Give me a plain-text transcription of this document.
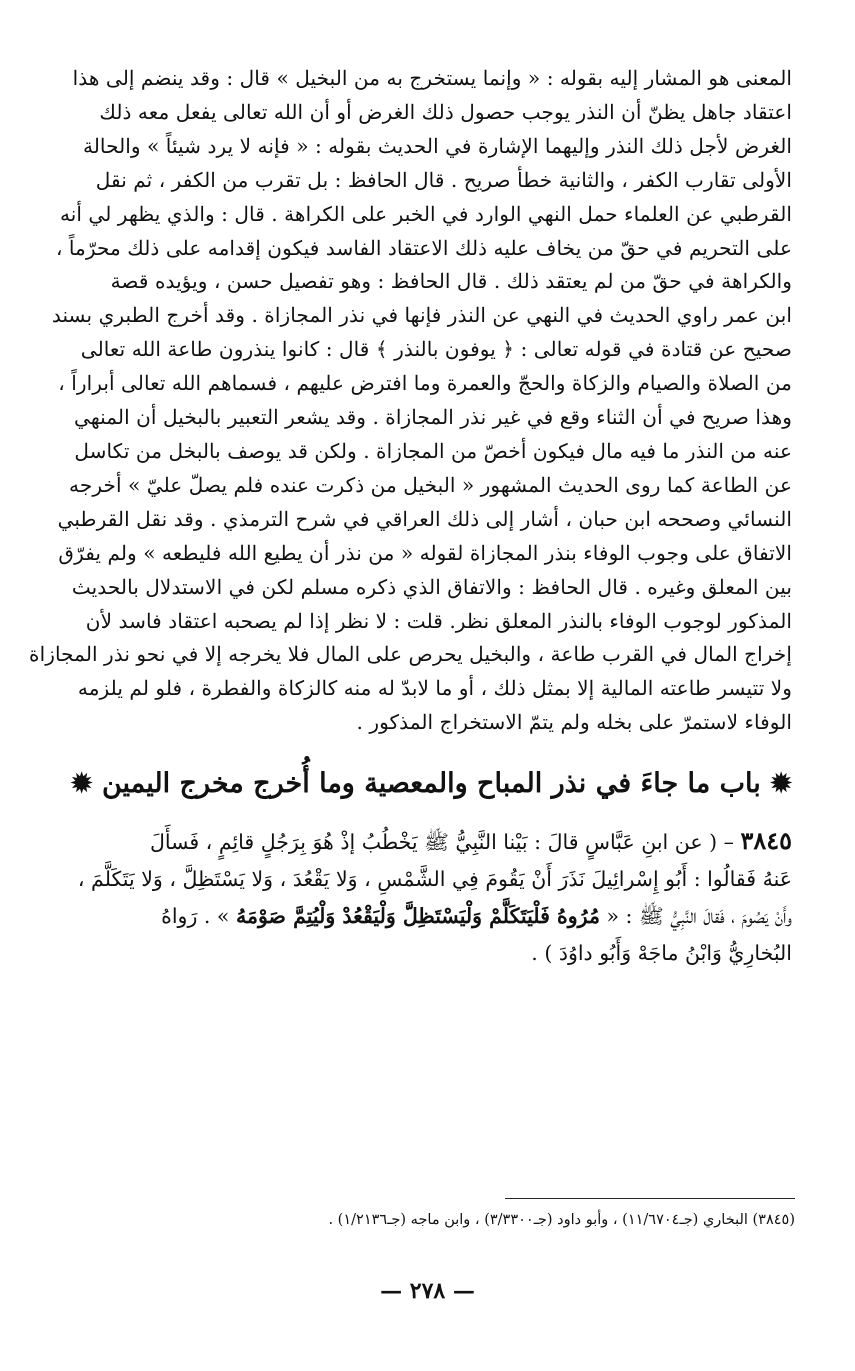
المعنى هو المشار إليه بقوله : « وإنما يستخرج به من البخيل » قال : وقد ينضم إلى هذا

اعتقاد جاهل يظنّ أن النذر يوجب حصول ذلك الغرض أو أن الله تعالى يفعل معه ذلك

الغرض لأجل ذلك النذر وإليهما الإشارة في الحديث بقوله : « فإنه لا يرد شيئاً » والحالة

الأولى تقارب الكفر ، والثانية خطأ صريح . قال الحافظ : بل تقرب من الكفر ، ثم نقل

القرطبي عن العلماء حمل النهي الوارد في الخبر على الكراهة . قال : والذي يظهر لي أنه

على التحريم في حقّ من يخاف عليه ذلك الاعتقاد الفاسد فيكون إقدامه على ذلك محرّماً ،

والكراهة في حقّ من لم يعتقد ذلك . قال الحافظ : وهو تفصيل حسن ، ويؤيده قصة

ابن عمر راوي الحديث في النهي عن النذر فإنها في نذر المجازاة . وقد أخرج الطبري بسند

صحيح عن قتادة في قوله تعالى : ﴿ يوفون بالنذر ﴾ قال : كانوا ينذرون طاعة الله تعالى

من الصلاة والصيام والزكاة والحجّ والعمرة وما افترض عليهم ، فسماهم الله تعالى أبراراً ،

وهذا صريح في أن الثناء وقع في غير نذر المجازاة . وقد يشعر التعبير بالبخيل أن المنهي

عنه من النذر ما فيه مال فيكون أخصّ من المجازاة . ولكن قد يوصف بالبخل من تكاسل

عن الطاعة كما روى الحديث المشهور « البخيل من ذكرت عنده فلم يصلّ عليّ » أخرجه

النسائي وصححه ابن حبان ، أشار إلى ذلك العراقي في شرح الترمذي . وقد نقل القرطبي

الاتفاق على وجوب الوفاء بنذر المجازاة لقوله « من نذر أن يطيع الله فليطعه » ولم يفرّق

بين المعلق وغيره . قال الحافظ : والاتفاق الذي ذكره مسلم لكن في الاستدلال بالحديث

المذكور لوجوب الوفاء بالنذر المعلق نظر. قلت : لا نظر إذا لم يصحبه اعتقاد فاسد لأن

إخراج المال في القرب طاعة ، والبخيل يحرص على المال فلا يخرجه إلا في نحو نذر المجازاة

ولا تتيسر طاعته المالية إلا بمثل ذلك ، أو ما لابدّ له منه كالزكاة والفطرة ، فلو لم يلزمه

الوفاء لاستمرّ على بخله ولم يتمّ الاستخراج المذكور .

✹ باب ما جاءَ في نذر المباح والمعصية وما أُخرج مخرج اليمين ✹

٣٨٤٥ – ( عن ابنِ عَبَّاسٍ قالَ : بَيْنا النَّبِيُّ ﷺ يَخْطُبُ إذْ هُوَ بِرَجُلٍ قائِمٍ ، فَسأَلَ

عَنهُ فَقالُوا : أَبُو إِسْرائِيلَ نَذَرَ أَنْ يَقُومَ فِي الشَّمْسِ ، وَلا يَقْعُدَ ، وَلا يَسْتَظِلَّ ، وَلا يَتَكَلَّمَ ،

وأَنْ يَصُومَ ، فَقالَ النَّبِيُّ ﷺ : « مُرُوهُ فَلْيَتَكَلَّمْ وَلْيَسْتَظِلَّ وَلْيَقْعُدْ وَلْيُتِمَّ صَوْمَهُ » . رَواهُ

البُخارِيُّ وَابْنُ ماجَهْ وَأَبُو داوُدَ ) .

(٣٨٤٥) البخاري (جـ١١/٦٧٠٤) ، وأبو داود (جـ٣/٣٣٠٠) ، وابن ماجه (جـ١/٢١٣٦) .
— ٢٧٨ —
